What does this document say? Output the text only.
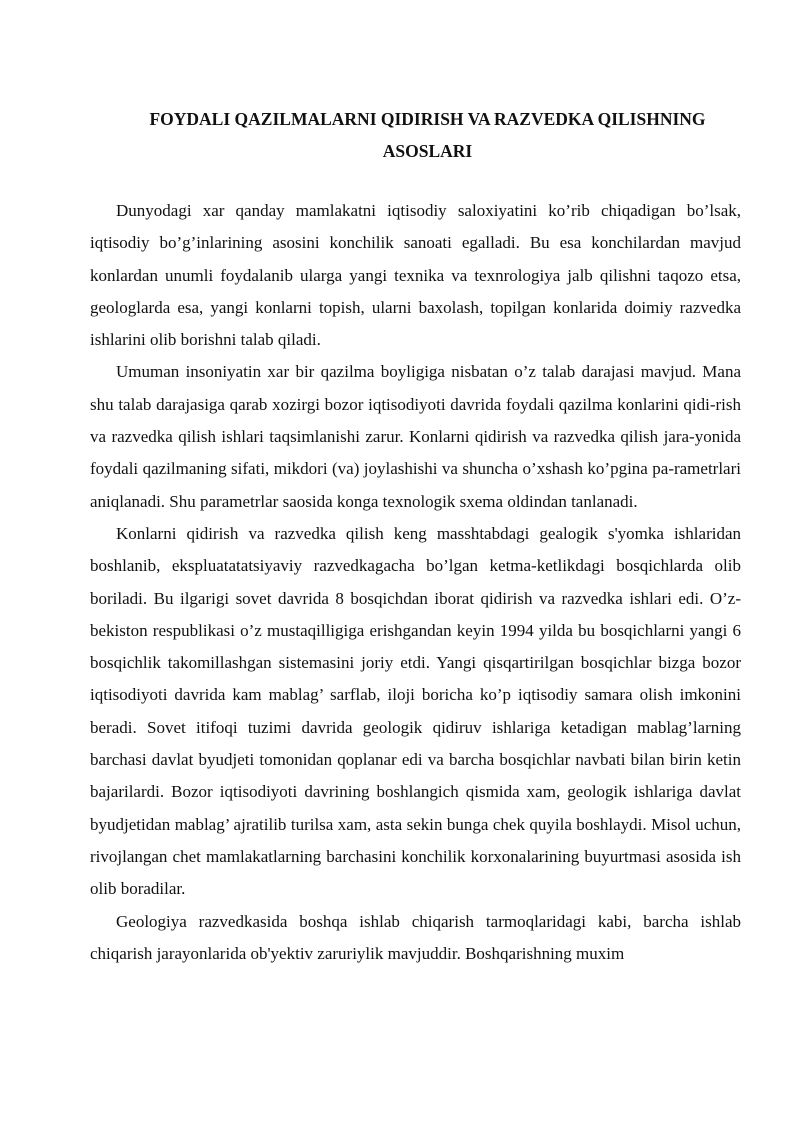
FOYDALI QAZILMALARNI QIDIRISH VA RAZVEDKA QILISHNING
ASOSLARI

Dunyodagi xar qanday mamlakatni iqtisodiy saloxiyatini ko’rib chiqadigan bo’lsak, iqtisodiy bo’g’inlarining asosini konchilik sanoati egalladi. Bu esa konchilardan mavjud konlardan unumli foydalanib ularga yangi texnika va texnrologiya jalb qilishni taqozo etsa, geologlarda esa, yangi konlarni topish, ularni baxolash, topilgan konlarida doimiy razvedka ishlarini olib borishni talab qiladi.

Umuman insoniyatin xar bir qazilma boyligiga nisbatan o’z talab darajasi mavjud. Mana shu talab darajasiga qarab xozirgi bozor iqtisodiyoti davrida foydali qazilma konlarini qidi-rish va razvedka qilish ishlari taqsimlanishi zarur. Konlarni qidirish va razvedka qilish jara-yonida foydali qazilmaning sifati, mikdori (va) joylashishi va shuncha o’xshash ko’pgina pa-rametrlari aniqlanadi. Shu parametrlar saosida konga texnologik sxema oldindan tanlanadi.

Konlarni qidirish va razvedka qilish keng masshtabdagi gealogik s'yomka ishlaridan boshlanib, ekspluatatatsiyaviy razvedkagacha bo’lgan ketma-ketlikdagi bosqichlarda olib boriladi. Bu ilgarigi sovet davrida 8 bosqichdan iborat qidirish va razvedka ishlari edi. O’z-bekiston respublikasi o’z mustaqilligiga erishgandan keyin 1994 yilda bu bosqichlarni yangi 6 bosqichlik takomillashgan sistemasini joriy etdi. Yangi qisqartirilgan bosqichlar bizga bozor iqtisodiyoti davrida kam mablag’ sarflab, iloji boricha ko’p iqtisodiy samara olish imkonini beradi. Sovet itifoqi tuzimi davrida geologik qidiruv ishlariga ketadigan mablag’larning barchasi davlat byudjeti tomonidan qoplanar edi va barcha bosqichlar navbati bilan birin ketin bajarilardi. Bozor iqtisodiyoti davrining boshlangich qismida xam, geologik ishlariga davlat byudjetidan mablag’ ajratilib turilsa xam, asta sekin bunga chek quyila boshlaydi. Misol uchun, rivojlangan chet mamlakatlarning barchasini konchilik korxonalarining buyurtmasi asosida ish olib boradilar.

Geologiya razvedkasida boshqa ishlab chiqarish tarmoqlaridagi kabi, barcha ishlab chiqarish jarayonlarida ob'yektiv zaruriylik mavjuddir. Boshqarishning muxim
